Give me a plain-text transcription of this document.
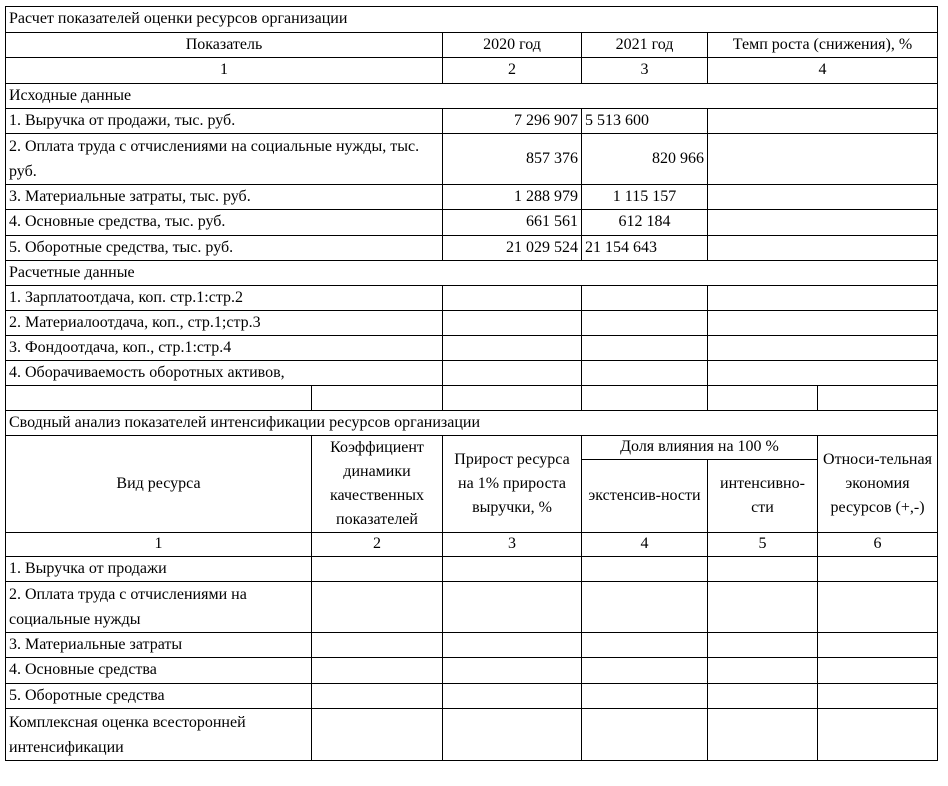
Расчет показателей оценки ресурсов организации					
Показатель		2020 год	2021 год	Темп роста (снижения), %	
1		2	3	4	
Исходные данные					
1. Выручка от продажи, тыс. руб.		7 296 907	5 513 600		
2. Оплата труда с отчислениями на социальные нужды, тыс. руб.		857 376	820 966		
3. Материальные затраты, тыс. руб.		1 288 979	1 115 157		
4. Основные средства, тыс. руб.		661 561	612 184		
5. Оборотные средства, тыс. руб.		21 029 524	21 154 643		
Расчетные данные					
1. Зарплатоотдача, коп. стр.1:стр.2					
2. Материалоотдача, коп., стр.1;стр.3					
3. Фондоотдача, коп., стр.1:стр.4					
4. Оборачиваемость оборотных активов,					

Сводный анализ показателей интенсификации ресурсов организации					
Вид ресурса	Коэффициент динамики качественных показателей	Прирост ресурса на 1% прироста выручки, %	Доля влияния на 100 %		Относи-тельная экономия ресурсов (+,-)
			экстенсив-ности	интенсивно-сти	
1	2	3	4	5	6
1. Выручка от продажи					
2. Оплата труда с отчислениями на социальные нужды					
3. Материальные затраты					
4. Основные средства					
5. Оборотные средства					
Комплексная оценка всесторонней интенсификации					
